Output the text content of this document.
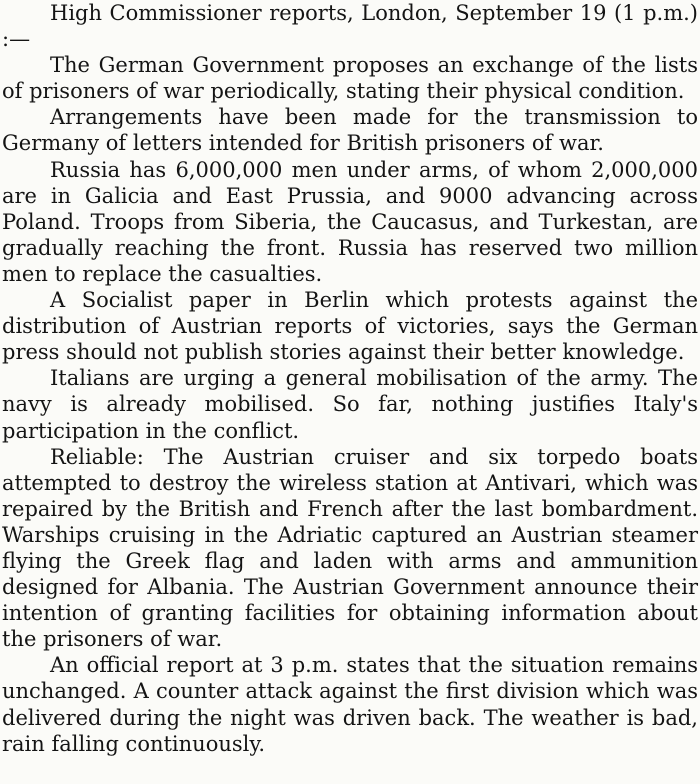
High Commissioner reports, London, September 19 (1 p.m.) :—

The German Government proposes an exchange of the lists of prisoners of war periodically, stating their physical condition.

Arrangements have been made for the transmission to Germany of letters intended for British prisoners of war.

Russia has 6,000,000 men under arms, of whom 2,000,000 are in Galicia and East Prussia, and 9000 advancing across Poland. Troops from Siberia, the Caucasus, and Turkestan, are gradually reaching the front. Russia has reserved two million men to replace the casualties.

A Socialist paper in Berlin which protests against the distribution of Austrian reports of victories, says the German press should not publish stories against their better knowledge.

Italians are urging a general mobilisation of the army. The navy is already mobilised. So far, nothing justifies Italy's participation in the conflict.

Reliable: The Austrian cruiser and six torpedo boats attempted to destroy the wireless station at Antivari, which was repaired by the British and French after the last bombardment. Warships cruising in the Adriatic captured an Austrian steamer flying the Greek flag and laden with arms and ammunition designed for Albania. The Austrian Government announce their intention of granting facilities for obtaining information about the prisoners of war.

An official report at 3 p.m. states that the situation remains unchanged. A counter attack against the first division which was delivered during the night was driven back. The weather is bad, rain falling continuously.
